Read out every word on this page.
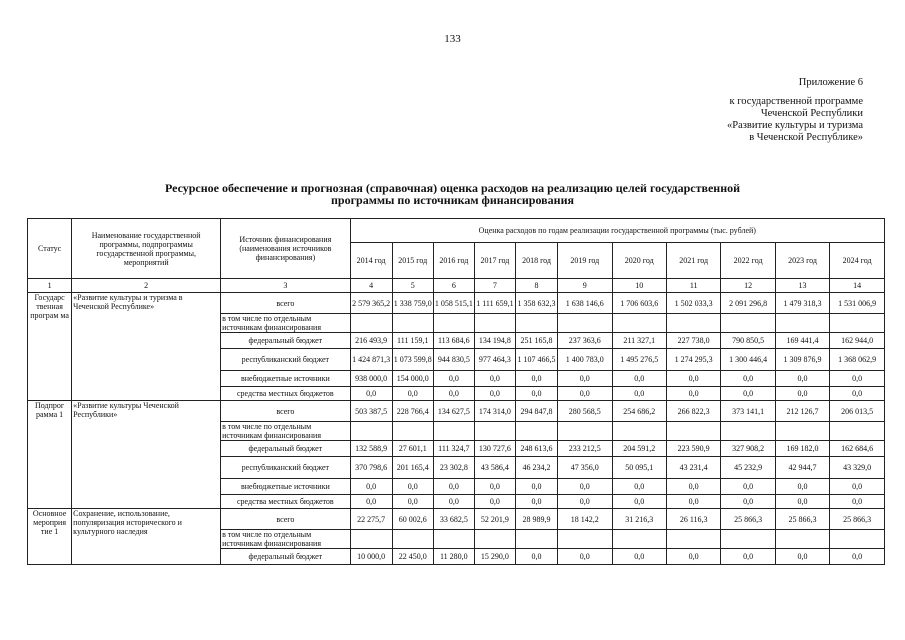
133
Приложение 6
к государственной программе
Чеченской Республики
«Развитие культуры и туризма
в Чеченской Республике»
Ресурсное обеспечение и прогнозная (справочная) оценка расходов на реализацию целей государственной
программы по источникам финансирования
Статус	Наименование государственной программы, подпрограммы государственной программы, мероприятий	Источник финансирования (наименования источников финансирования)	Оценка расходов по годам реализации государственной программы (тыс. рублей)										
			2014 год	2015 год	2016 год	2017 год	2018 год	2019 год	2020 год	2021 год	2022 год	2023 год	2024 год
1	2	3	4	5	6	7	8	9	10	11	12	13	14
Государс твенная програм ма	«Развитие культуры и туризма в Чеченской Республике»	всего	2 579 365,2	1 338 759,0	1 058 515,1	1 111 659,1	1 358 632,3	1 638 146,6	1 706 603,6	1 502 033,3	2 091 296,8	1 479 318,3	1 531 006,9
		в том числе по отдельным источникам финансирования											
		федеральный бюджет	216 493,9	111 159,1	113 684,6	134 194,8	251 165,8	237 363,6	211 327,1	227 738,0	790 850,5	169 441,4	162 944,0
		республиканский бюджет	1 424 871,3	1 073 599,8	944 830,5	977 464,3	1 107 466,5	1 400 783,0	1 495 276,5	1 274 295,3	1 300 446,4	1 309 876,9	1 368 062,9
		внебюджетные источники	938 000,0	154 000,0	0,0	0,0	0,0	0,0	0,0	0,0	0,0	0,0	0,0
		средства местных бюджетов	0,0	0,0	0,0	0,0	0,0	0,0	0,0	0,0	0,0	0,0	0,0
Подпрог рамма 1	«Развитие культуры Чеченской Республики»	всего	503 387,5	228 766,4	134 627,5	174 314,0	294 847,8	280 568,5	254 686,2	266 822,3	373 141,1	212 126,7	206 013,5
		в том числе по отдельным источникам финансирования											
		федеральный бюджет	132 588,9	27 601,1	111 324,7	130 727,6	248 613,6	233 212,5	204 591,2	223 590,9	327 908,2	169 182,0	162 684,6
		республиканский бюджет	370 798,6	201 165,4	23 302,8	43 586,4	46 234,2	47 356,0	50 095,1	43 231,4	45 232,9	42 944,7	43 329,0
		внебюджетные источники	0,0	0,0	0,0	0,0	0,0	0,0	0,0	0,0	0,0	0,0	0,0
		средства местных бюджетов	0,0	0,0	0,0	0,0	0,0	0,0	0,0	0,0	0,0	0,0	0,0
Основное мероприя тие 1	Сохранение, использование, популяризация исторического и культурного наследия	всего	22 275,7	60 002,6	33 682,5	52 201,9	28 989,9	18 142,2	31 216,3	26 116,3	25 866,3	25 866,3	25 866,3
		в том числе по отдельным источникам финансирования											
		федеральный бюджет	10 000,0	22 450,0	11 280,0	15 290,0	0,0	0,0	0,0	0,0	0,0	0,0	0,0
